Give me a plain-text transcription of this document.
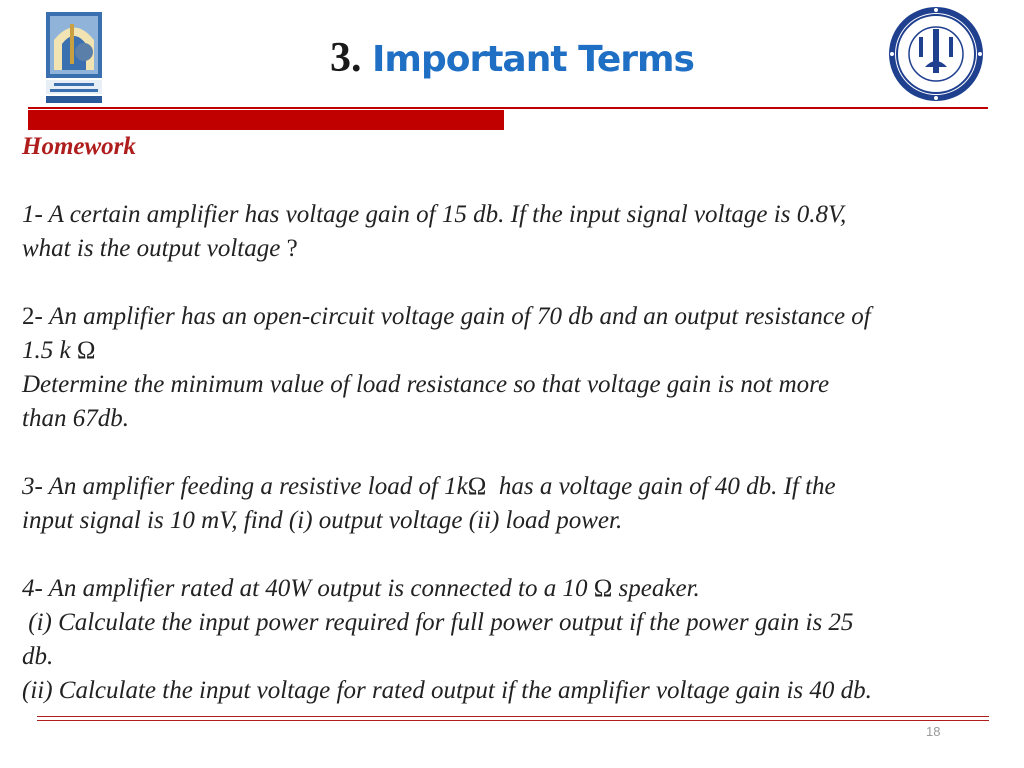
3. Important Terms

Homework

1- A certain amplifier has voltage gain of 15 db. If the input signal voltage is 0.8V,

what is the output voltage ?

2- An amplifier has an open-circuit voltage gain of 70 db and an output resistance of

1.5 k Ω

Determine the minimum value of load resistance so that voltage gain is not more

than 67db.

3- An amplifier feeding a resistive load of 1kΩ  has a voltage gain of 40 db. If the

input signal is 10 mV, find (i) output voltage (ii) load power.

4- An amplifier rated at 40W output is connected to a 10 Ω speaker.

(i) Calculate the input power required for full power output if the power gain is 25

db.

(ii) Calculate the input voltage for rated output if the amplifier voltage gain is 40 db.

18
